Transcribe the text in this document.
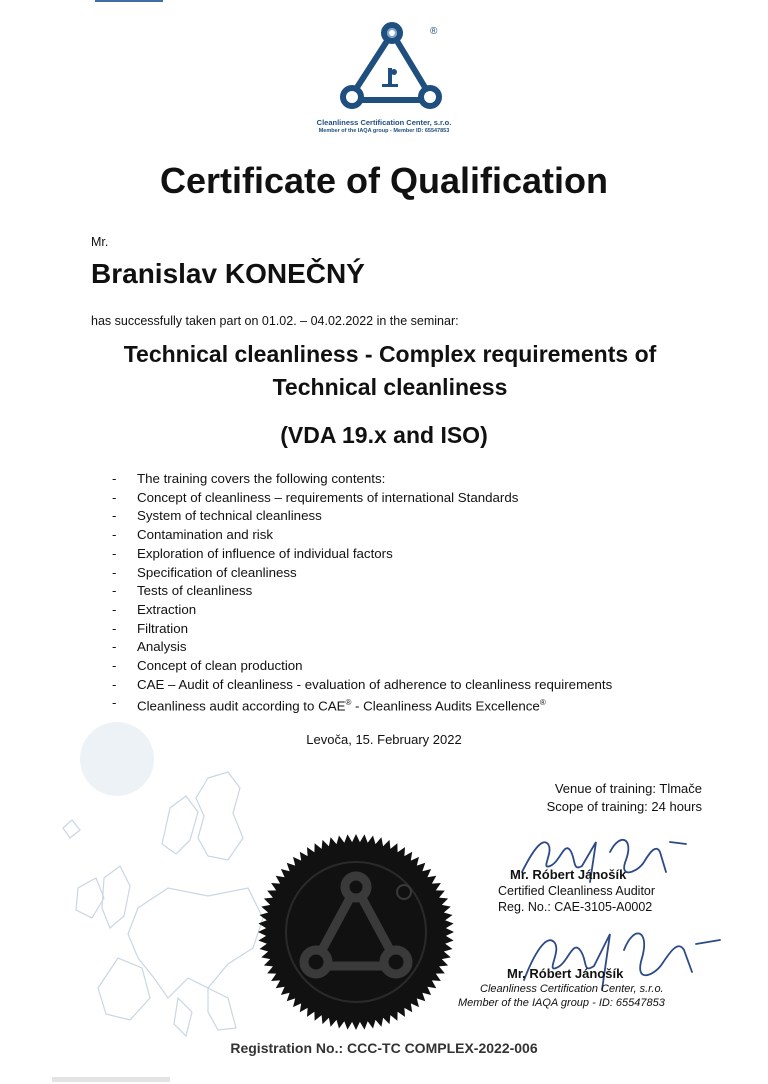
®
Cleanliness Certification Center, s.r.o.
Member of the IAQA group - Member ID: 65547853
Certificate of Qualification
Mr.
Branislav KONEČNÝ
has successfully taken part on 01.02. – 04.02.2022 in the seminar:
Technical cleanliness - Complex requirements of
Technical cleanliness
(VDA 19.x and ISO)
- The training covers the following contents:
- Concept of cleanliness – requirements of international Standards
- System of technical cleanliness
- Contamination and risk
- Exploration of influence of individual factors
- Specification of cleanliness
- Tests of cleanliness
- Extraction
- Filtration
- Analysis
- Concept of clean production
- CAE – Audit of cleanliness - evaluation of adherence to cleanliness requirements
- Cleanliness audit according to CAE® - Cleanliness Audits Excellence®
Levoča, 15. February 2022
Venue of training: Tlmače
Scope of training: 24 hours
Mr. Róbert Jánošík
Certified Cleanliness Auditor
Reg. No.: CAE-3105-A0002
Mr. Róbert Jánošík
Cleanliness Certification Center, s.r.o.
Member of the IAQA group - ID: 65547853
Registration No.: CCC-TC COMPLEX-2022-006
